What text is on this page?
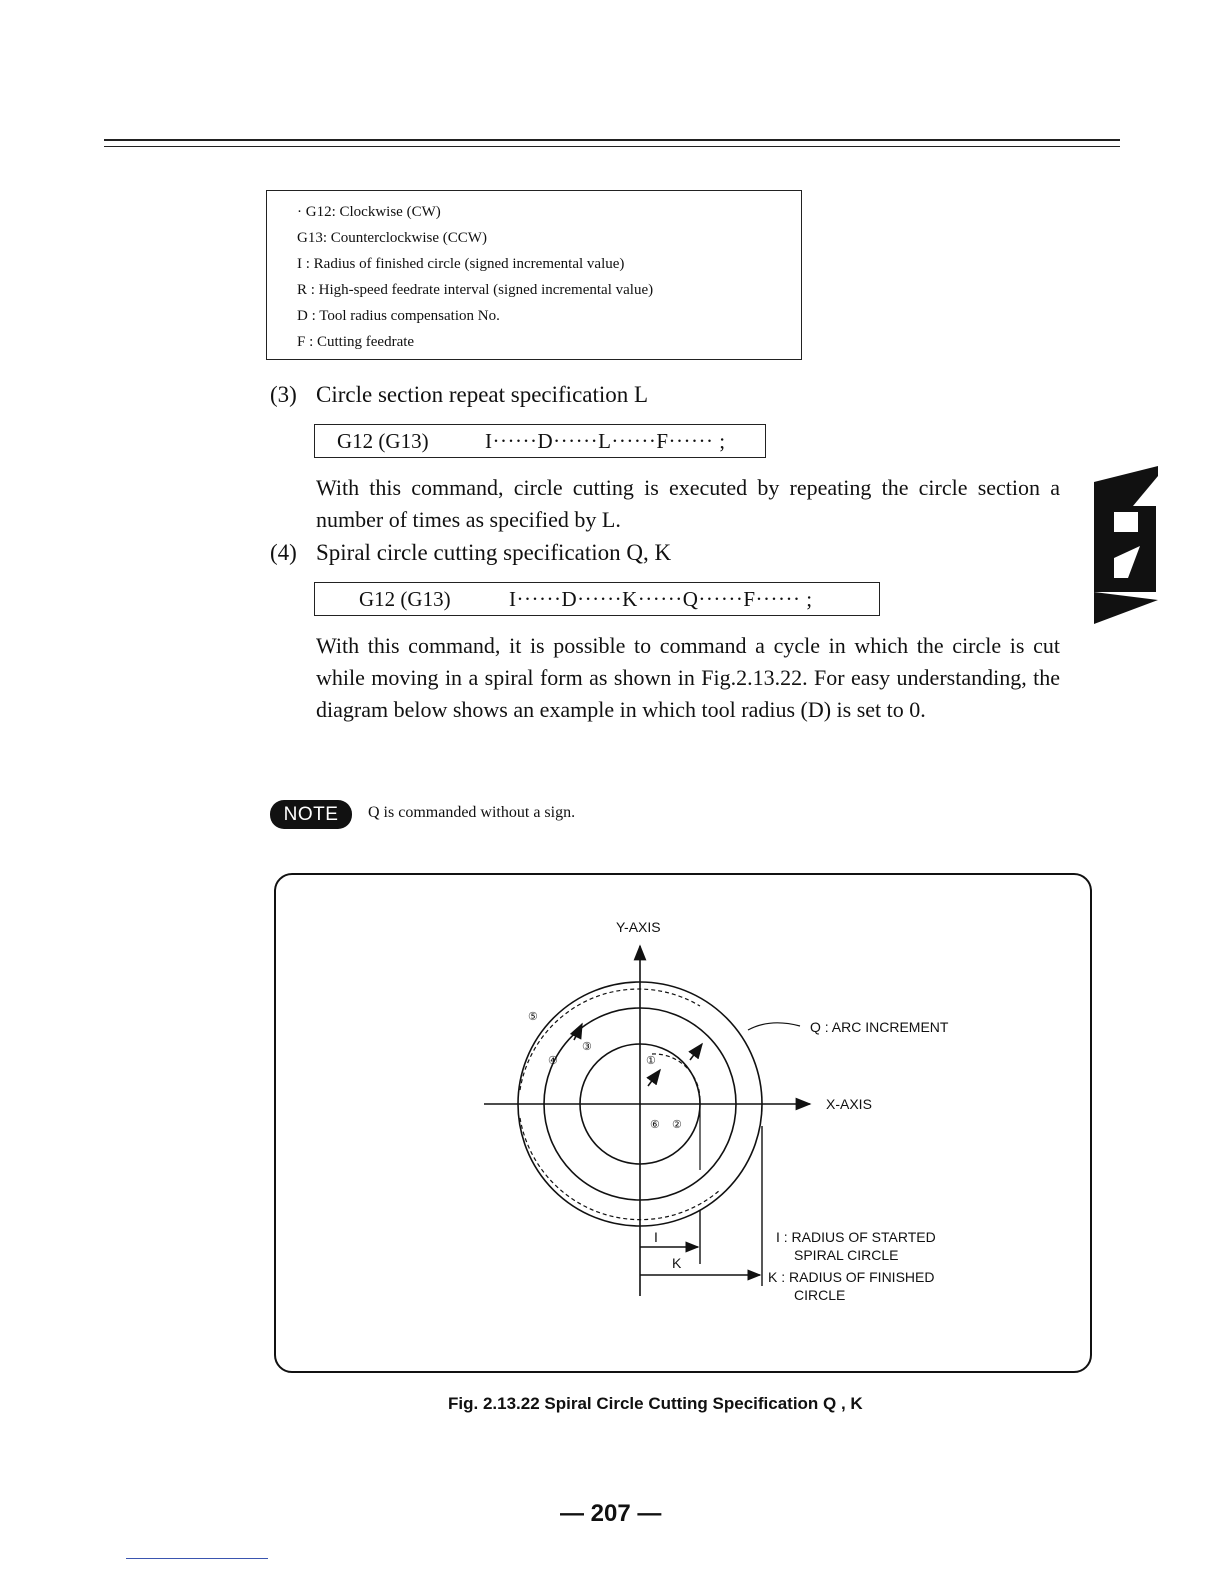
· G12: Clockwise (CW)
G13: Counterclockwise (CCW)
I : Radius of finished circle (signed incremental value)
R : High-speed feedrate interval (signed incremental value)
D : Tool radius compensation No.
F : Cutting feedrate
(3) Circle section repeat specification L
G12 (G13)	I······D······L······F······ ;
With this command, circle cutting is executed by repeating the circle section a number of times as specified by L.
(4) Spiral circle cutting specification Q, K
G12 (G13)	I······D······K······Q······F······ ;
With this command, it is possible to command a cycle in which the circle is cut while moving in a spiral form as shown in Fig.2.13.22. For easy understanding, the diagram below shows an example in which tool radius (D) is set to 0.
NOTE	Q is commanded without a sign.
①
②
③
④
⑤
⑥
I
K
Y-AXIS
X-AXIS
Q : ARC INCREMENT
I : RADIUS OF STARTED
SPIRAL CIRCLE
K : RADIUS OF FINISHED
CIRCLE
Fig. 2.13.22 Spiral Circle Cutting Specification Q , K
— 207 —
